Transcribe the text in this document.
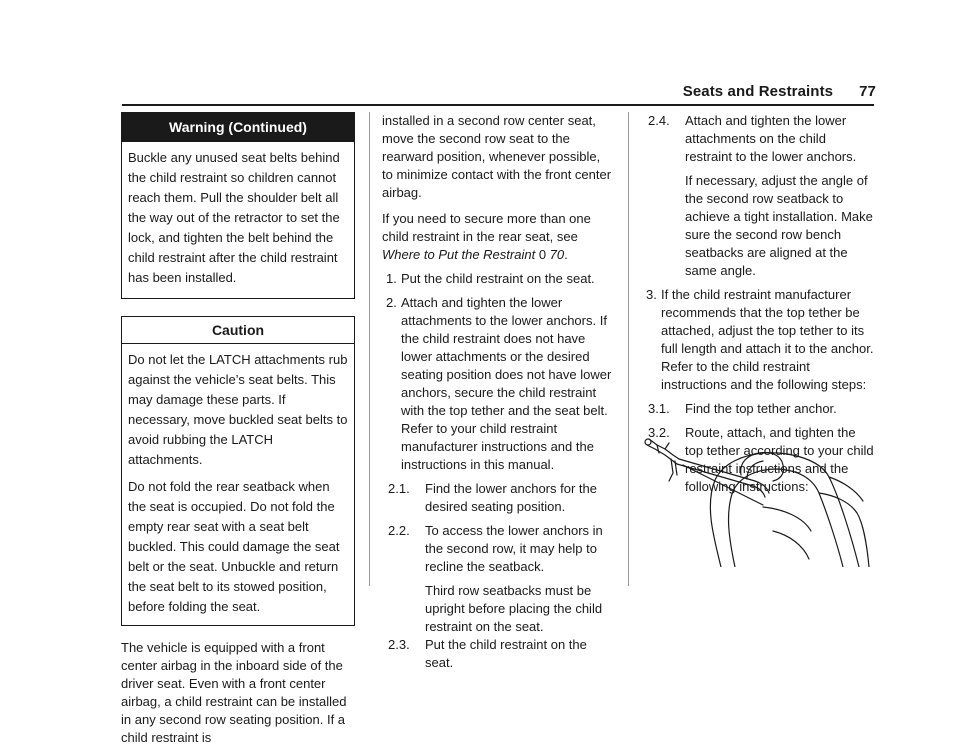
Seats and Restraints 77
Warning (Continued)

Buckle any unused seat belts behind the child restraint so children cannot reach them. Pull the shoulder belt all the way out of the retractor to set the lock, and tighten the belt behind the child restraint after the child restraint has been installed.

Caution

Do not let the LATCH attachments rub against the vehicle’s seat belts. This may damage these parts. If necessary, move buckled seat belts to avoid rubbing the LATCH attachments.

Do not fold the rear seatback when the seat is occupied. Do not fold the empty rear seat with a seat belt buckled. This could damage the seat belt or the seat. Unbuckle and return the seat belt to its stowed position, before folding the seat.

The vehicle is equipped with a front center airbag in the inboard side of the driver seat. Even with a front center airbag, a child restraint can be installed in any second row seating position. If a child restraint is

installed in a second row center seat, move the second row seat to the rearward position, whenever possible, to minimize contact with the front center airbag.

If you need to secure more than one child restraint in the rear seat, see Where to Put the Restraint 0 70.

1. Put the child restraint on the seat.
2. Attach and tighten the lower attachments to the lower anchors. If the child restraint does not have lower attachments or the desired seating position does not have lower anchors, secure the child restraint with the top tether and the seat belt. Refer to your child restraint manufacturer instructions and the instructions in this manual.
2.1. Find the lower anchors for the desired seating position.
2.2. To access the lower anchors in the second row, it may help to recline the seatback.
Third row seatbacks must be upright before placing the child restraint on the seat.
2.3. Put the child restraint on the seat.
2.4. Attach and tighten the lower attachments on the child restraint to the lower anchors.
If necessary, adjust the angle of the second row seatback to achieve a tight installation. Make sure the second row bench seatbacks are aligned at the same angle.
3. If the child restraint manufacturer recommends that the top tether be attached, adjust the top tether to its full length and attach it to the anchor. Refer to the child restraint instructions and the following steps:
3.1. Find the top tether anchor.
3.2. Route, attach, and tighten the top tether according to your child restraint instructions and the following instructions:
